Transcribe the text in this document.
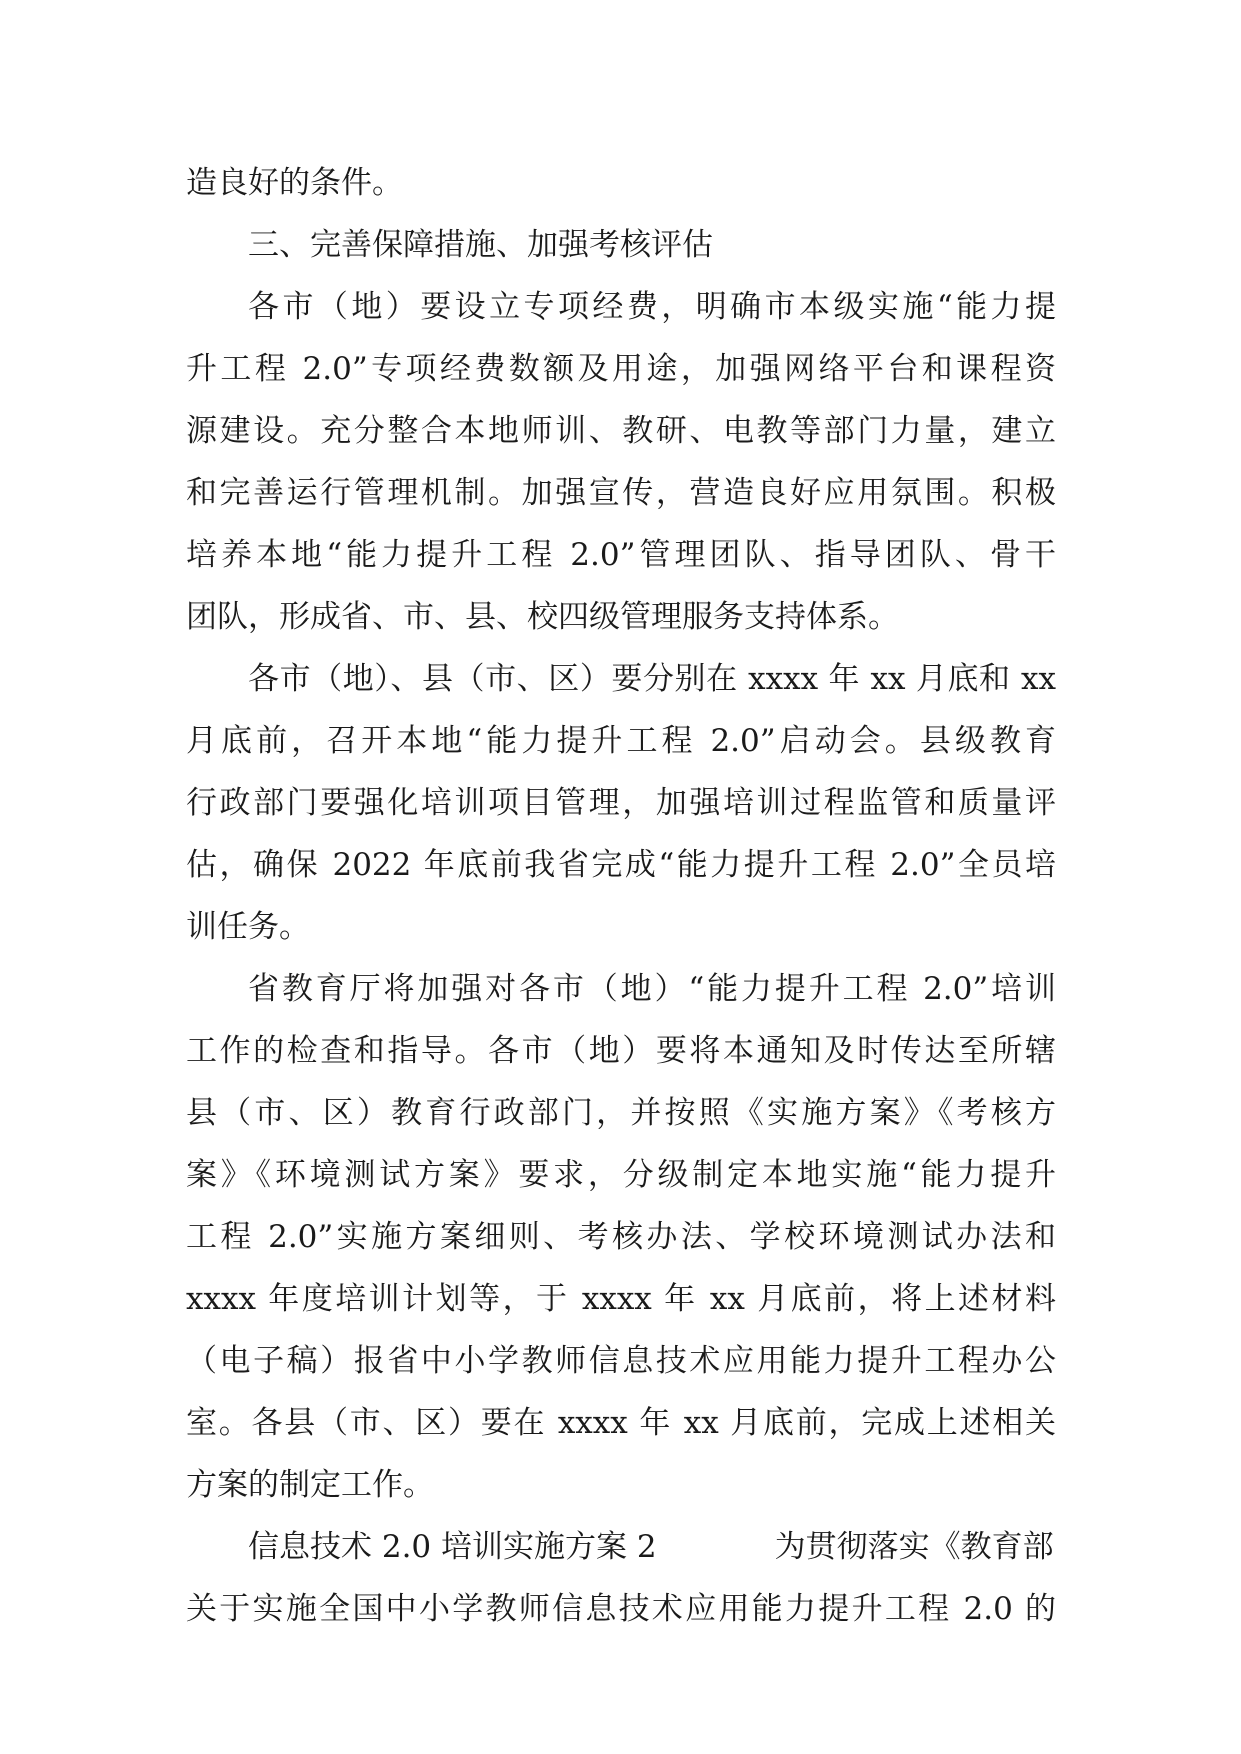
造良好的条件。
三、完善保障措施、加强考核评估
各市（地）要设立专项经费，明确市本级实施“能力提
升工程 2.0”专项经费数额及用途，加强网络平台和课程资
源建设。充分整合本地师训、教研、电教等部门力量，建立
和完善运行管理机制。加强宣传，营造良好应用氛围。积极
培养本地“能力提升工程 2.0”管理团队、指导团队、骨干
团队，形成省、市、县、校四级管理服务支持体系。
各市（地）、县（市、区）要分别在 xxxx 年 xx 月底和 xx
月底前，召开本地“能力提升工程 2.0”启动会。县级教育
行政部门要强化培训项目管理，加强培训过程监管和质量评
估，确保 2022 年底前我省完成“能力提升工程 2.0”全员培
训任务。
省教育厅将加强对各市（地）“能力提升工程 2.0”培训
工作的检查和指导。各市（地）要将本通知及时传达至所辖
县（市、区）教育行政部门，并按照《实施方案》《考核方
案》《环境测试方案》要求，分级制定本地实施“能力提升
工程 2.0”实施方案细则、考核办法、学校环境测试办法和
xxxx 年度培训计划等，于 xxxx 年 xx 月底前，将上述材料
（电子稿）报省中小学教师信息技术应用能力提升工程办公
室。各县（市、区）要在 xxxx 年 xx 月底前，完成上述相关
方案的制定工作。
信息技术 2.0 培训实施方案 2	为贯彻落实《教育部
关于实施全国中小学教师信息技术应用能力提升工程 2.0 的
